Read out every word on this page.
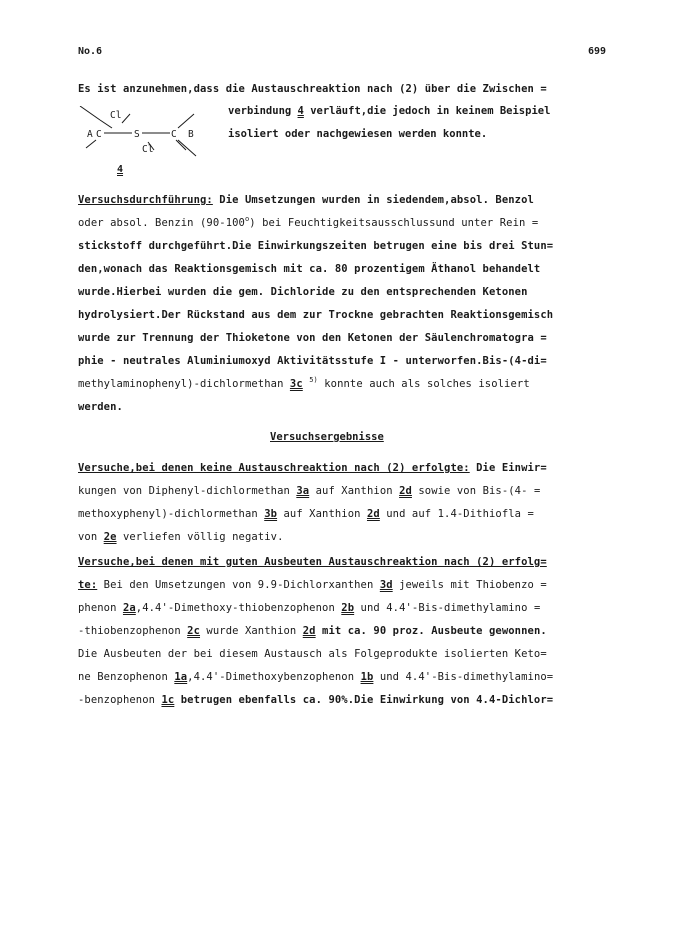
No.6	699
Es ist anzunehmen,dass die Austauschreaktion nach (2) über die Zwischen =
Cl
A C	S	C B
Cl
4
verbindung 4 verläuft,die jedoch in keinem Beispiel
isoliert oder nachgewiesen werden konnte.
Versuchsdurchführung: Die Umsetzungen wurden in siedendem,absol. Benzol
oder absol. Benzin (90-100$^o$) bei Feuchtigkeitsausschlussund unter Rein =
stickstoff durchgeführt.Die Einwirkungszeiten betrugen eine bis drei Stun=
den,wonach das Reaktionsgemisch mit ca. 80 prozentigem Äthanol behandelt
wurde.Hierbei wurden die gem. Dichloride zu den entsprechenden Ketonen
hydrolysiert.Der Rückstand aus dem zur Trockne gebrachten Reaktionsgemisch
wurde zur Trennung der Thioketone von den Ketonen der Säulenchromatogra =
phie - neutrales Aluminiumoxyd Aktivitätsstufe I - unterworfen.Bis-(4-di=
methylaminophenyl)-dichlormethan 3c $^{5)}$ konnte auch als solches isoliert
werden.
Versuchsergebnisse
Versuche,bei denen keine Austauschreaktion nach (2) erfolgte: Die Einwir=
kungen von Diphenyl-dichlormethan 3a auf Xanthion 2d sowie von Bis-(4- =
methoxyphenyl)-dichlormethan 3b auf Xanthion 2d und auf 1.4-Dithiofla =
von 2e verliefen völlig negativ.
Versuche,bei denen mit guten Ausbeuten Austauschreaktion nach (2) erfolg=
te: Bei den Umsetzungen von 9.9-Dichlorxanthen 3d jeweils mit Thiobenzo =
phenon 2a,4.4'-Dimethoxy-thiobenzophenon 2b und 4.4'-Bis-dimethylamino =
-thiobenzophenon 2c wurde Xanthion 2d mit ca. 90 proz. Ausbeute gewonnen.
Die Ausbeuten der bei diesem Austausch als Folgeprodukte isolierten Keto=
ne Benzophenon 1a,4.4'-Dimethoxybenzophenon 1b und 4.4'-Bis-dimethylamino=
-benzophenon 1c betrugen ebenfalls ca. 90%.Die Einwirkung von 4.4-Dichlor=
